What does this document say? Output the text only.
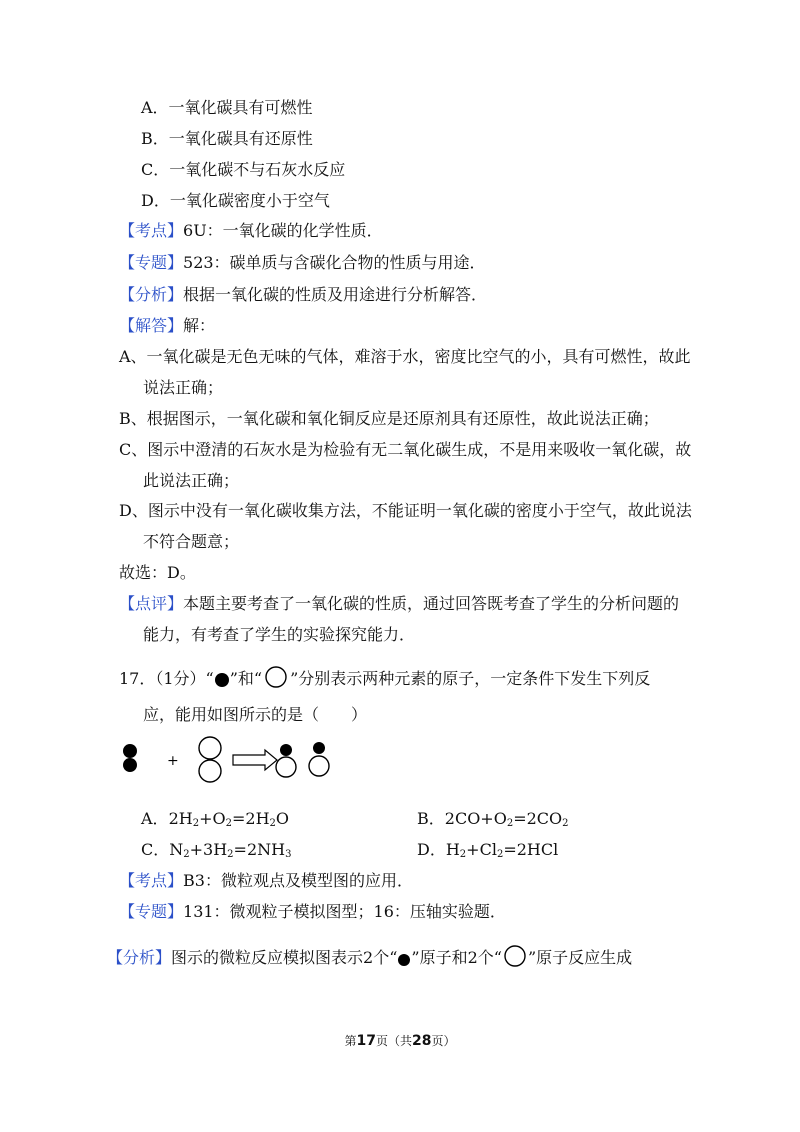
A．一氧化碳具有可燃性
B．一氧化碳具有还原性
C．一氧化碳不与石灰水反应
D．一氧化碳密度小于空气
【考点】6U：一氧化碳的化学性质．
【专题】523：碳单质与含碳化合物的性质与用途．
【分析】根据一氧化碳的性质及用途进行分析解答．
【解答】解：
A、一氧化碳是无色无味的气体，难溶于水，密度比空气的小，具有可燃性，故此
说法正确；
B、根据图示，一氧化碳和氧化铜反应是还原剂具有还原性，故此说法正确；
C、图示中澄清的石灰水是为检验有无二氧化碳生成，不是用来吸收一氧化碳，故
此说法正确；
D、图示中没有一氧化碳收集方法，不能证明一氧化碳的密度小于空气，故此说法
不符合题意；
故选：D。
【点评】本题主要考查了一氧化碳的性质，通过回答既考查了学生的分析问题的
能力，有考查了学生的实验探究能力．
17．（1分）“ ”和“ ”分别表示两种元素的原子，一定条件下发生下列反
应，能用如图所示的是（　　）
+
A．$2H_2+O_2=2H_2O$	B．$2CO+O_2=2CO_2$
C．$N_2+3H_2=2NH_3$	D．$H_2+Cl_2=2HCl$
【考点】B3：微粒观点及模型图的应用．
【专题】131：微观粒子模拟图型；16：压轴实验题．
【分析】图示的微粒反应模拟图表示2个“ ”原子和2个“ ”原子反应生成
第17页（共28页）
